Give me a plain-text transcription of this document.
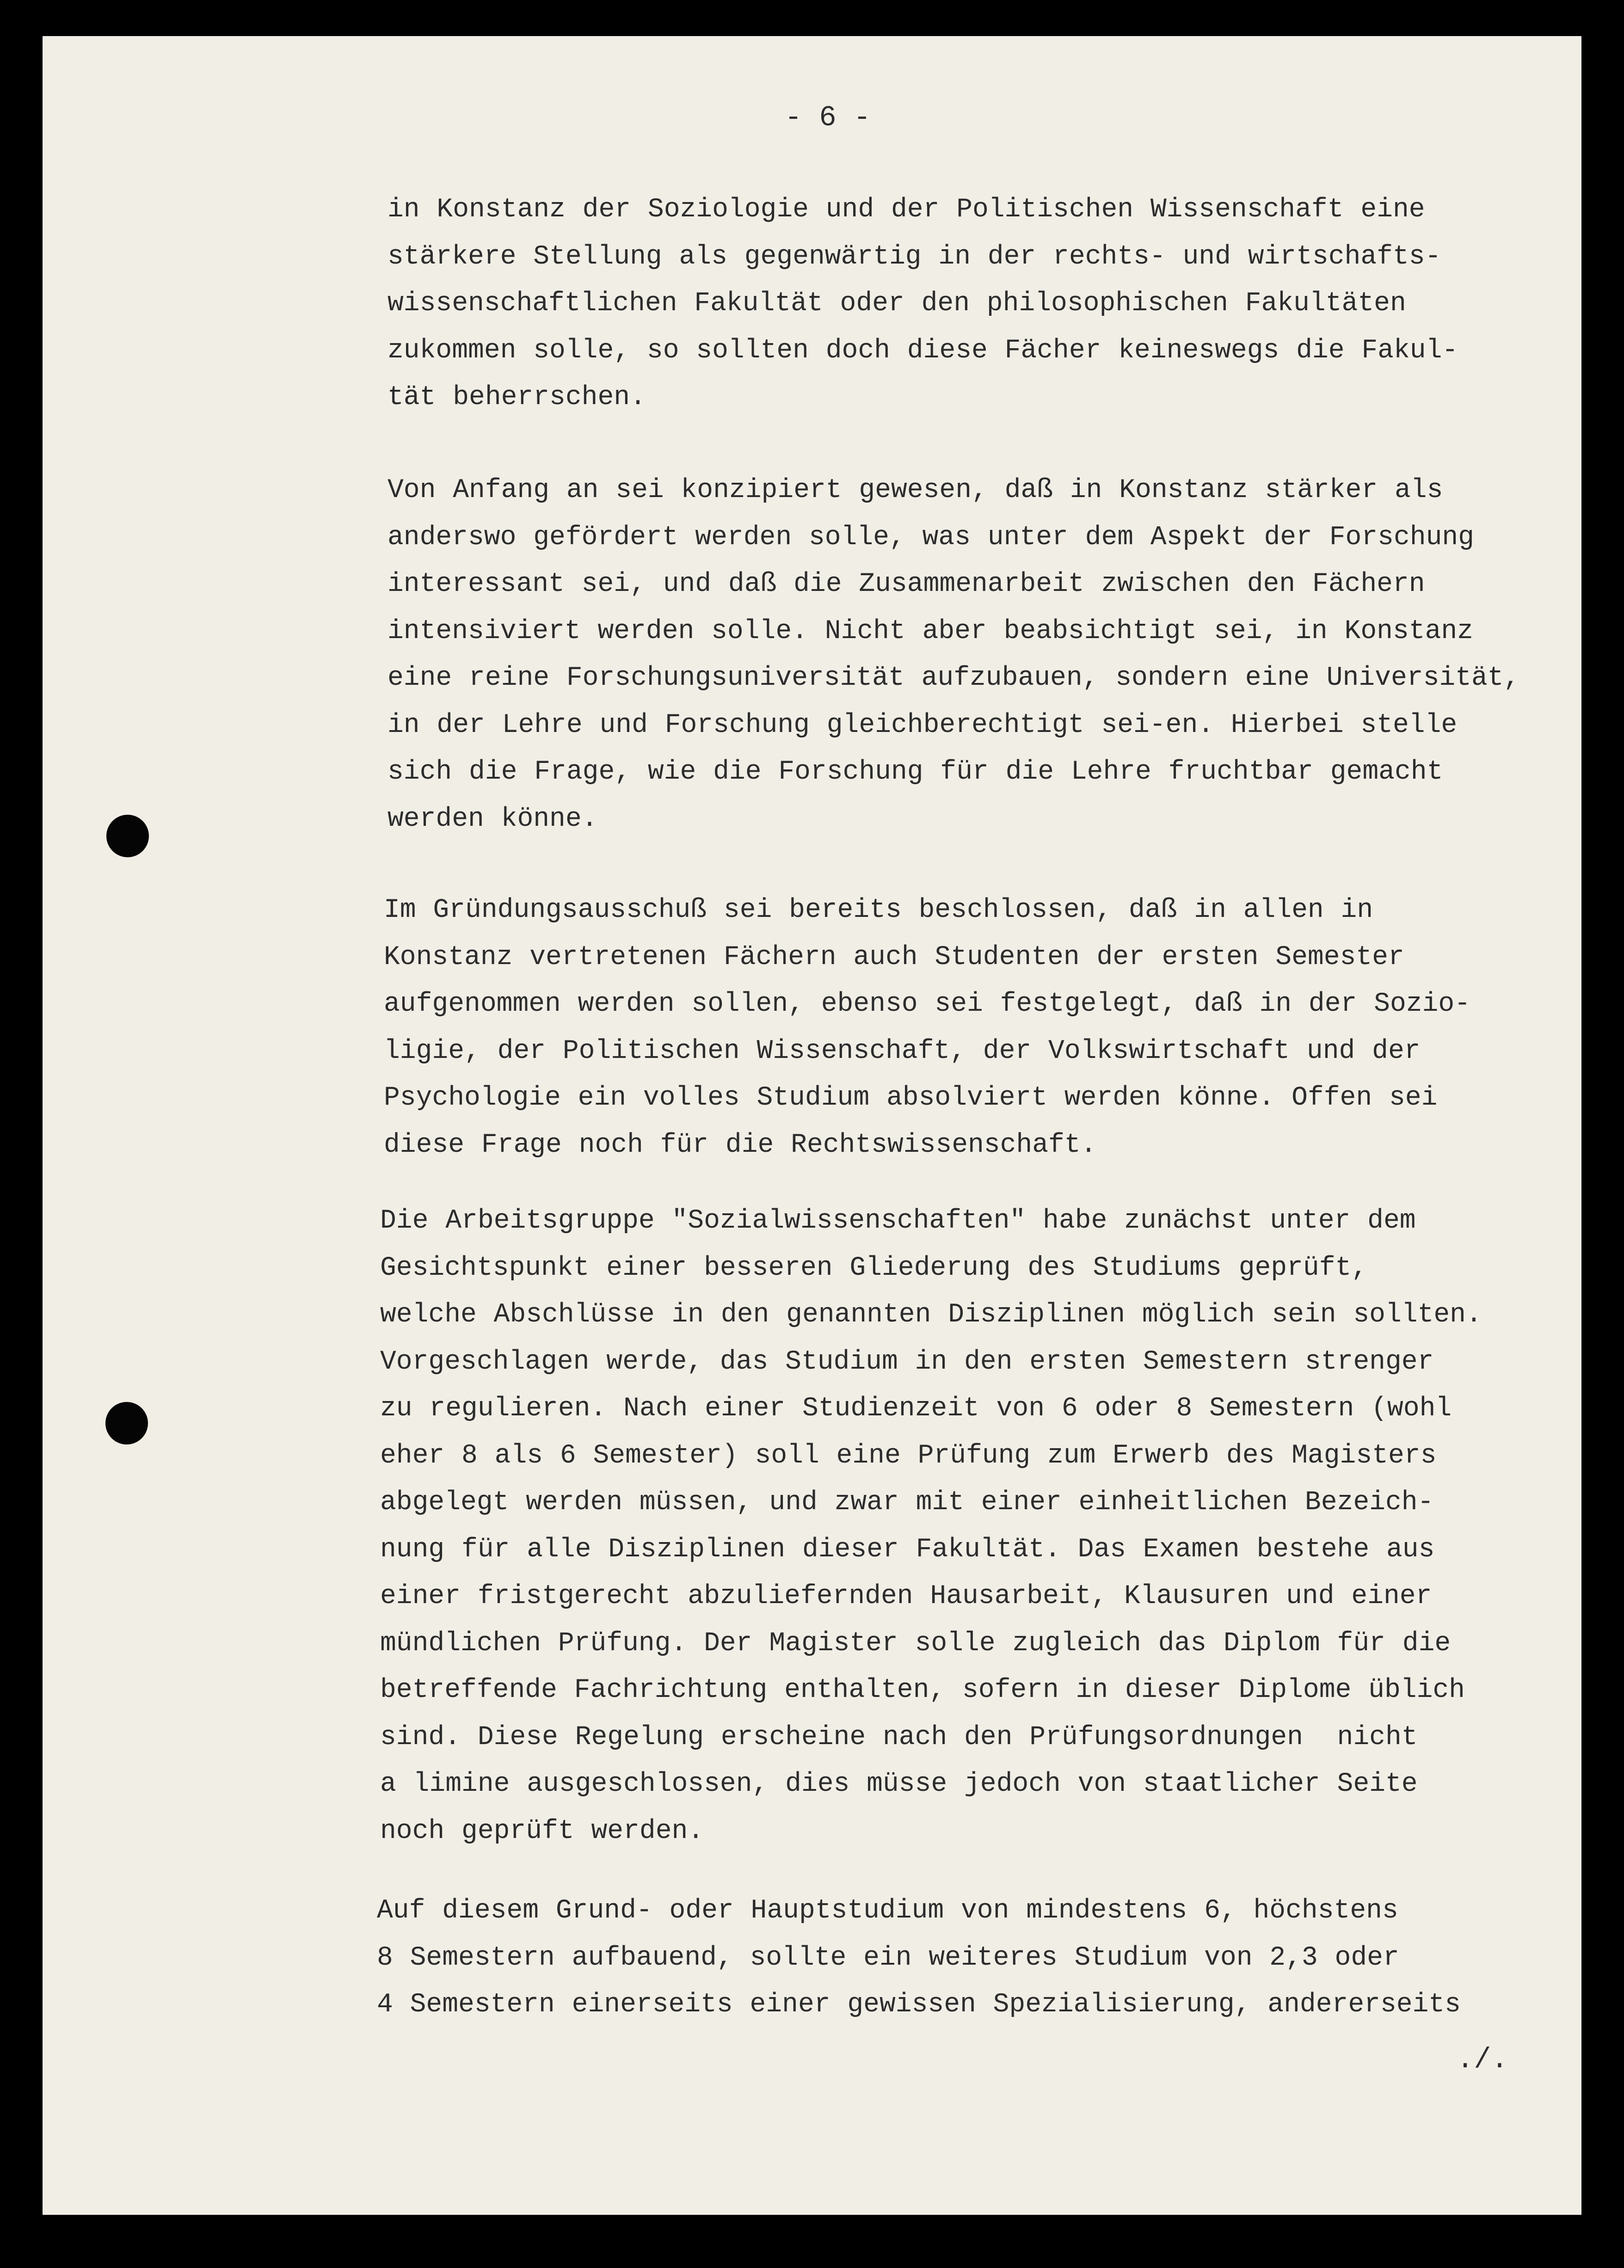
- 6 -

in Konstanz der Soziologie und der Politischen Wissenschaft eine
stärkere Stellung als gegenwärtig in der rechts- und wirtschafts-
wissenschaftlichen Fakultät oder den philosophischen Fakultäten
zukommen solle, so sollten doch diese Fächer keineswegs die Fakul-
tät beherrschen.

Von Anfang an sei konzipiert gewesen, daß in Konstanz stärker als
anderswo gefördert werden solle, was unter dem Aspekt der Forschung
interessant sei, und daß die Zusammenarbeit zwischen den Fächern
intensiviert werden solle. Nicht aber beabsichtigt sei, in Konstanz
eine reine Forschungsuniversität aufzubauen, sondern eine Universität,
in der Lehre und Forschung gleichberechtigt sei-en. Hierbei stelle
sich die Frage, wie die Forschung für die Lehre fruchtbar gemacht
werden könne.

Im Gründungsausschuß sei bereits beschlossen, daß in allen in
Konstanz vertretenen Fächern auch Studenten der ersten Semester
aufgenommen werden sollen, ebenso sei festgelegt, daß in der Sozio-
ligie, der Politischen Wissenschaft, der Volkswirtschaft und der
Psychologie ein volles Studium absolviert werden könne. Offen sei
diese Frage noch für die Rechtswissenschaft.

Die Arbeitsgruppe "Sozialwissenschaften" habe zunächst unter dem
Gesichtspunkt einer besseren Gliederung des Studiums geprüft,
welche Abschlüsse in den genannten Disziplinen möglich sein sollten.
Vorgeschlagen werde, das Studium in den ersten Semestern strenger
zu regulieren. Nach einer Studienzeit von 6 oder 8 Semestern (wohl
eher 8 als 6 Semester) soll eine Prüfung zum Erwerb des Magisters
abgelegt werden müssen, und zwar mit einer einheitlichen Bezeich-
nung für alle Disziplinen dieser Fakultät. Das Examen bestehe aus
einer fristgerecht abzuliefernden Hausarbeit, Klausuren und einer
mündlichen Prüfung. Der Magister solle zugleich das Diplom für die
betreffende Fachrichtung enthalten, sofern in dieser Diplome üblich
sind. Diese Regelung erscheine nach den Prüfungsordnungen  nicht
a limine ausgeschlossen, dies müsse jedoch von staatlicher Seite
noch geprüft werden.

Auf diesem Grund- oder Hauptstudium von mindestens 6, höchstens
8 Semestern aufbauend, sollte ein weiteres Studium von 2,3 oder
4 Semestern einerseits einer gewissen Spezialisierung, andererseits

./.
